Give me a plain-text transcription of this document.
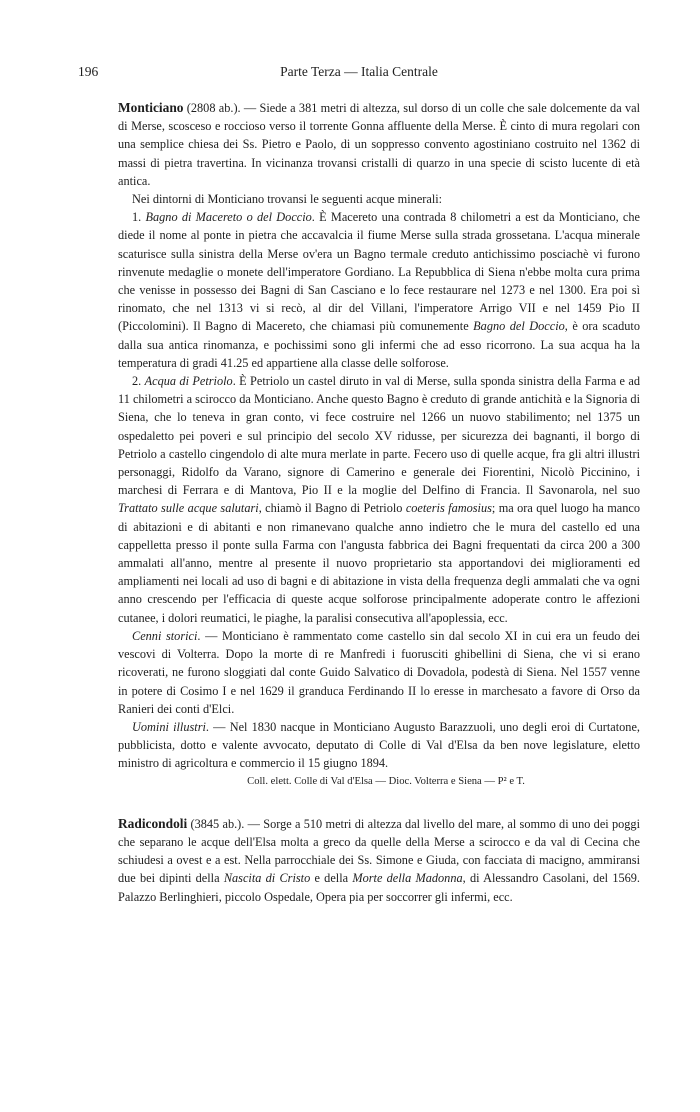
196	Parte Terza — Italia Centrale

Monticiano (2808 ab.). — Siede a 381 metri di altezza, sul dorso di un colle che sale dolcemente da val di Merse, scosceso e roccioso verso il torrente Gonna affluente della Merse. È cinto di mura regolari con una semplice chiesa dei Ss. Pietro e Paolo, di un soppresso convento agostiniano costruito nel 1362 di massi di pietra travertina. In vicinanza trovansi cristalli di quarzo in una specie di scisto lucente di età antica.

Nei dintorni di Monticiano trovansi le seguenti acque minerali:

1. Bagno di Macereto o del Doccio. È Macereto una contrada 8 chilometri a est da Monticiano, che diede il nome al ponte in pietra che accavalcia il fiume Merse sulla strada grossetana. L'acqua minerale scaturisce sulla sinistra della Merse ov'era un Bagno termale creduto antichissimo posciachè vi furono rinvenute medaglie o monete dell'imperatore Gordiano. La Repubblica di Siena n'ebbe molta cura prima che venisse in possesso dei Bagni di San Casciano e lo fece restaurare nel 1273 e nel 1300. Era poi sì rinomato, che nel 1313 vi si recò, al dir del Villani, l'imperatore Arrigo VII e nel 1459 Pio II (Piccolomini). Il Bagno di Macereto, che chiamasi più comunemente Bagno del Doccio, è ora scaduto dalla sua antica rinomanza, e pochissimi sono gli infermi che ad esso ricorrono. La sua acqua ha la temperatura di gradi 41.25 ed appartiene alla classe delle solforose.

2. Acqua di Petriolo. È Petriolo un castel diruto in val di Merse, sulla sponda sinistra della Farma e ad 11 chilometri a scirocco da Monticiano. Anche questo Bagno è creduto di grande antichità e la Signoria di Siena, che lo teneva in gran conto, vi fece costruire nel 1266 un nuovo stabilimento; nel 1375 un ospedaletto pei poveri e sul principio del secolo XV ridusse, per sicurezza dei bagnanti, il borgo di Petriolo a castello cingendolo di alte mura merlate in parte. Fecero uso di quelle acque, fra gli altri illustri personaggi, Ridolfo da Varano, signore di Camerino e generale dei Fiorentini, Nicolò Piccinino, i marchesi di Ferrara e di Mantova, Pio II e la moglie del Delfino di Francia. Il Savonarola, nel suo Trattato sulle acque salutari, chiamò il Bagno di Petriolo coeteris famosius; ma ora quel luogo ha manco di abitazioni e di abitanti e non rimanevano qualche anno indietro che le mura del castello ed una cappelletta presso il ponte sulla Farma con l'angusta fabbrica dei Bagni frequentati da circa 200 a 300 ammalati all'anno, mentre al presente il nuovo proprietario sta apportandovi dei miglioramenti ed ampliamenti nei locali ad uso di bagni e di abitazione in vista della frequenza degli ammalati che va ogni anno crescendo per l'efficacia di queste acque solforose principalmente adoperate contro le affezioni cutanee, i dolori reumatici, le piaghe, la paralisi consecutiva all'apoplessia, ecc.

Cenni storici. — Monticiano è rammentato come castello sin dal secolo XI in cui era un feudo dei vescovi di Volterra. Dopo la morte di re Manfredi i fuorusciti ghibellini di Siena, che vi si erano ricoverati, ne furono sloggiati dal conte Guido Salvatico di Dovadola, podestà di Siena. Nel 1557 venne in potere di Cosimo I e nel 1629 il granduca Ferdinando II lo eresse in marchesato a favore di Orso da Ranieri dei conti d'Elci.

Uomini illustri. — Nel 1830 nacque in Monticiano Augusto Barazzuoli, uno degli eroi di Curtatone, pubblicista, dotto e valente avvocato, deputato di Colle di Val d'Elsa da ben nove legislature, eletto ministro di agricoltura e commercio il 15 giugno 1894.

Coll. elett. Colle di Val d'Elsa — Dioc. Volterra e Siena — P² e T.

Radicondoli (3845 ab.). — Sorge a 510 metri di altezza dal livello del mare, al sommo di uno dei poggi che separano le acque dell'Elsa molta a greco da quelle della Merse a scirocco e da val di Cecina che schiudesi a ovest e a est. Nella parrocchiale dei Ss. Simone e Giuda, con facciata di macigno, ammiransi due bei dipinti della Nascita di Cristo e della Morte della Madonna, di Alessandro Casolani, del 1569. Palazzo Berlinghieri, piccolo Ospedale, Opera pia per soccorrer gli infermi, ecc.
